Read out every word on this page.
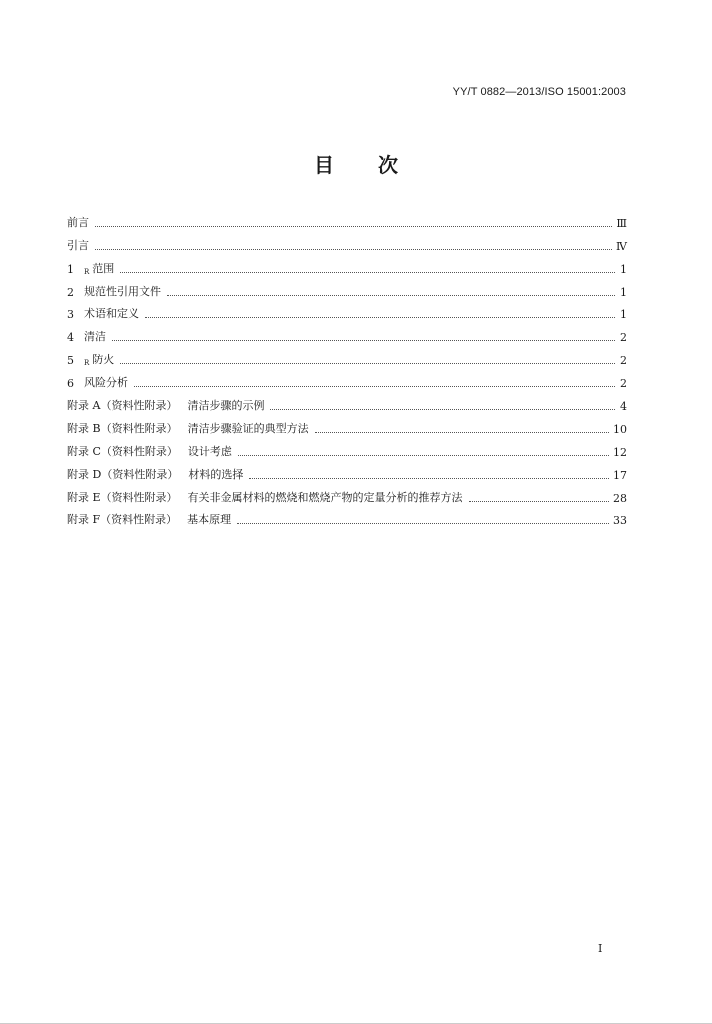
YY/T 0882—2013/ISO 15001:2003
目 次
前言	Ⅲ
引言	Ⅳ
1	R 范围	1
2 规范性引用文件	1
3 术语和定义	1
4 清洁	2
5	R 防火	2
6 风险分析	2
附录 A（资料性附录） 清洁步骤的示例	4
附录 B（资料性附录） 清洁步骤验证的典型方法	10
附录 C（资料性附录） 设计考虑	12
附录 D（资料性附录） 材料的选择	17
附录 E（资料性附录） 有关非金属材料的燃烧和燃烧产物的定量分析的推荐方法	28
附录 F（资料性附录） 基本原理	33
I
